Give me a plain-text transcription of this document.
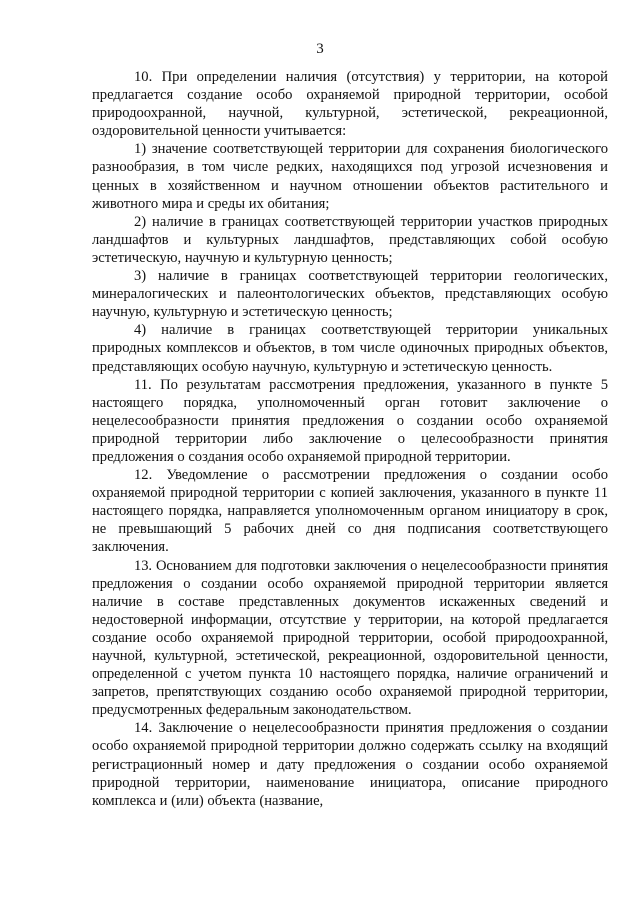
3

10. При определении наличия (отсутствия) у территории, на которой предлагается создание особо охраняемой природной территории, особой природоохранной, научной, культурной, эстетической, рекреационной, оздоровительной ценности учитывается:

1) значение соответствующей территории для сохранения биологического разнообразия, в том числе редких, находящихся под угрозой исчезновения и ценных в хозяйственном и научном отношении объектов растительного и животного мира и среды их обитания;

2) наличие в границах соответствующей территории участков природных ландшафтов и культурных ландшафтов, представляющих собой особую эстетическую, научную и культурную ценность;

3) наличие в границах соответствующей территории геологических, минералогических и палеонтологических объектов, представляющих особую научную, культурную и эстетическую ценность;

4) наличие в границах соответствующей территории уникальных природных комплексов и объектов, в том числе одиночных природных объектов, представляющих особую научную, культурную и эстетическую ценность.

11. По результатам рассмотрения предложения, указанного в пункте 5 настоящего порядка, уполномоченный орган готовит заключение о нецелесообразности принятия предложения о создании особо охраняемой природной территории либо заключение о целесообразности принятия предложения о создания особо охраняемой природной территории.

12. Уведомление о рассмотрении предложения о создании особо охраняемой природной территории с копией заключения, указанного в пункте 11 настоящего порядка, направляется уполномоченным органом инициатору в срок, не превышающий 5 рабочих дней со дня подписания соответствующего заключения.

13. Основанием для подготовки заключения о нецелесообразности принятия предложения о создании особо охраняемой природной территории является наличие в составе представленных документов искаженных сведений и недостоверной информации, отсутствие у территории, на которой предлагается создание особо охраняемой природной территории, особой природоохранной, научной, культурной, эстетической, рекреационной, оздоровительной ценности, определенной с учетом пункта 10 настоящего порядка, наличие ограничений и запретов, препятствующих созданию особо охраняемой природной территории, предусмотренных федеральным законодательством.

14. Заключение о нецелесообразности принятия предложения о создании особо охраняемой природной территории должно содержать ссылку на входящий регистрационный номер и дату предложения о создании особо охраняемой природной территории, наименование инициатора, описание природного комплекса и (или) объекта (название,
